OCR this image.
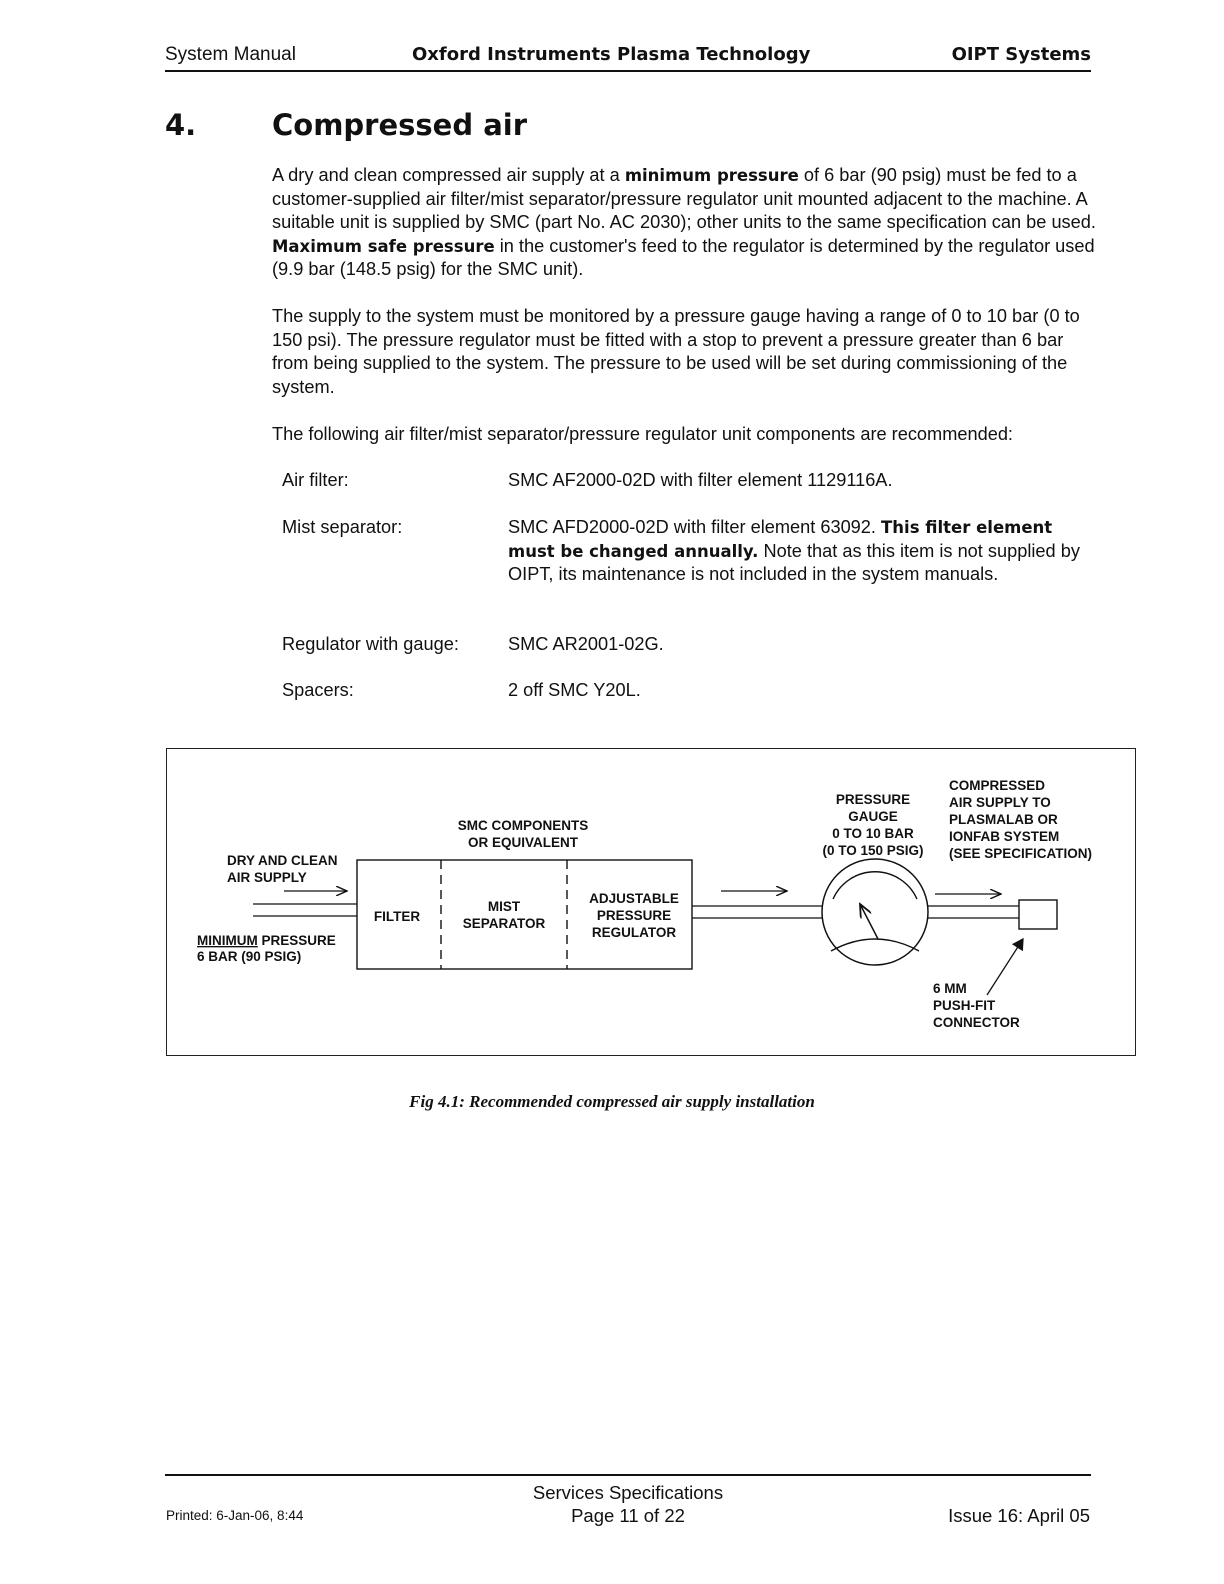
System Manual	Oxford Instruments Plasma Technology	OIPT Systems
4.	Compressed air

A dry and clean compressed air supply at a minimum pressure of 6 bar (90 psig) must be fed to a customer-supplied air filter/mist separator/pressure regulator unit mounted adjacent to the machine. A suitable unit is supplied by SMC (part No. AC 2030); other units to the same specification can be used. Maximum safe pressure in the customer's feed to the regulator is determined by the regulator used (9.9 bar (148.5 psig) for the SMC unit).

The supply to the system must be monitored by a pressure gauge having a range of 0 to 10 bar (0 to 150 psi). The pressure regulator must be fitted with a stop to prevent a pressure greater than 6 bar from being supplied to the system. The pressure to be used will be set during commissioning of the system.

The following air filter/mist separator/pressure regulator unit components are recommended:

Air filter:	SMC AF2000-02D with filter element 1129116A.
Mist separator:	SMC AFD2000-02D with filter element 63092. This filter element must be changed annually. Note that as this item is not supplied by OIPT, its maintenance is not included in the system manuals.
Regulator with gauge:	SMC AR2001-02G.
Spacers:	2 off SMC Y20L.
DRY AND CLEAN
AIR SUPPLY
MINIMUM PRESSURE
6 BAR (90 PSIG)
SMC COMPONENTS
OR EQUIVALENT
FILTER
MIST
SEPARATOR
ADJUSTABLE
PRESSURE
REGULATOR
PRESSURE
GAUGE
0 TO 10 BAR
(0 TO 150 PSIG)
COMPRESSED
AIR SUPPLY TO
PLASMALAB OR
IONFAB SYSTEM
(SEE SPECIFICATION)
6 MM
PUSH-FIT
CONNECTOR
Fig 4.1: Recommended compressed air supply installation
Printed: 6-Jan-06, 8:44
Services Specifications
Page 11 of 22	Issue 16: April 05
